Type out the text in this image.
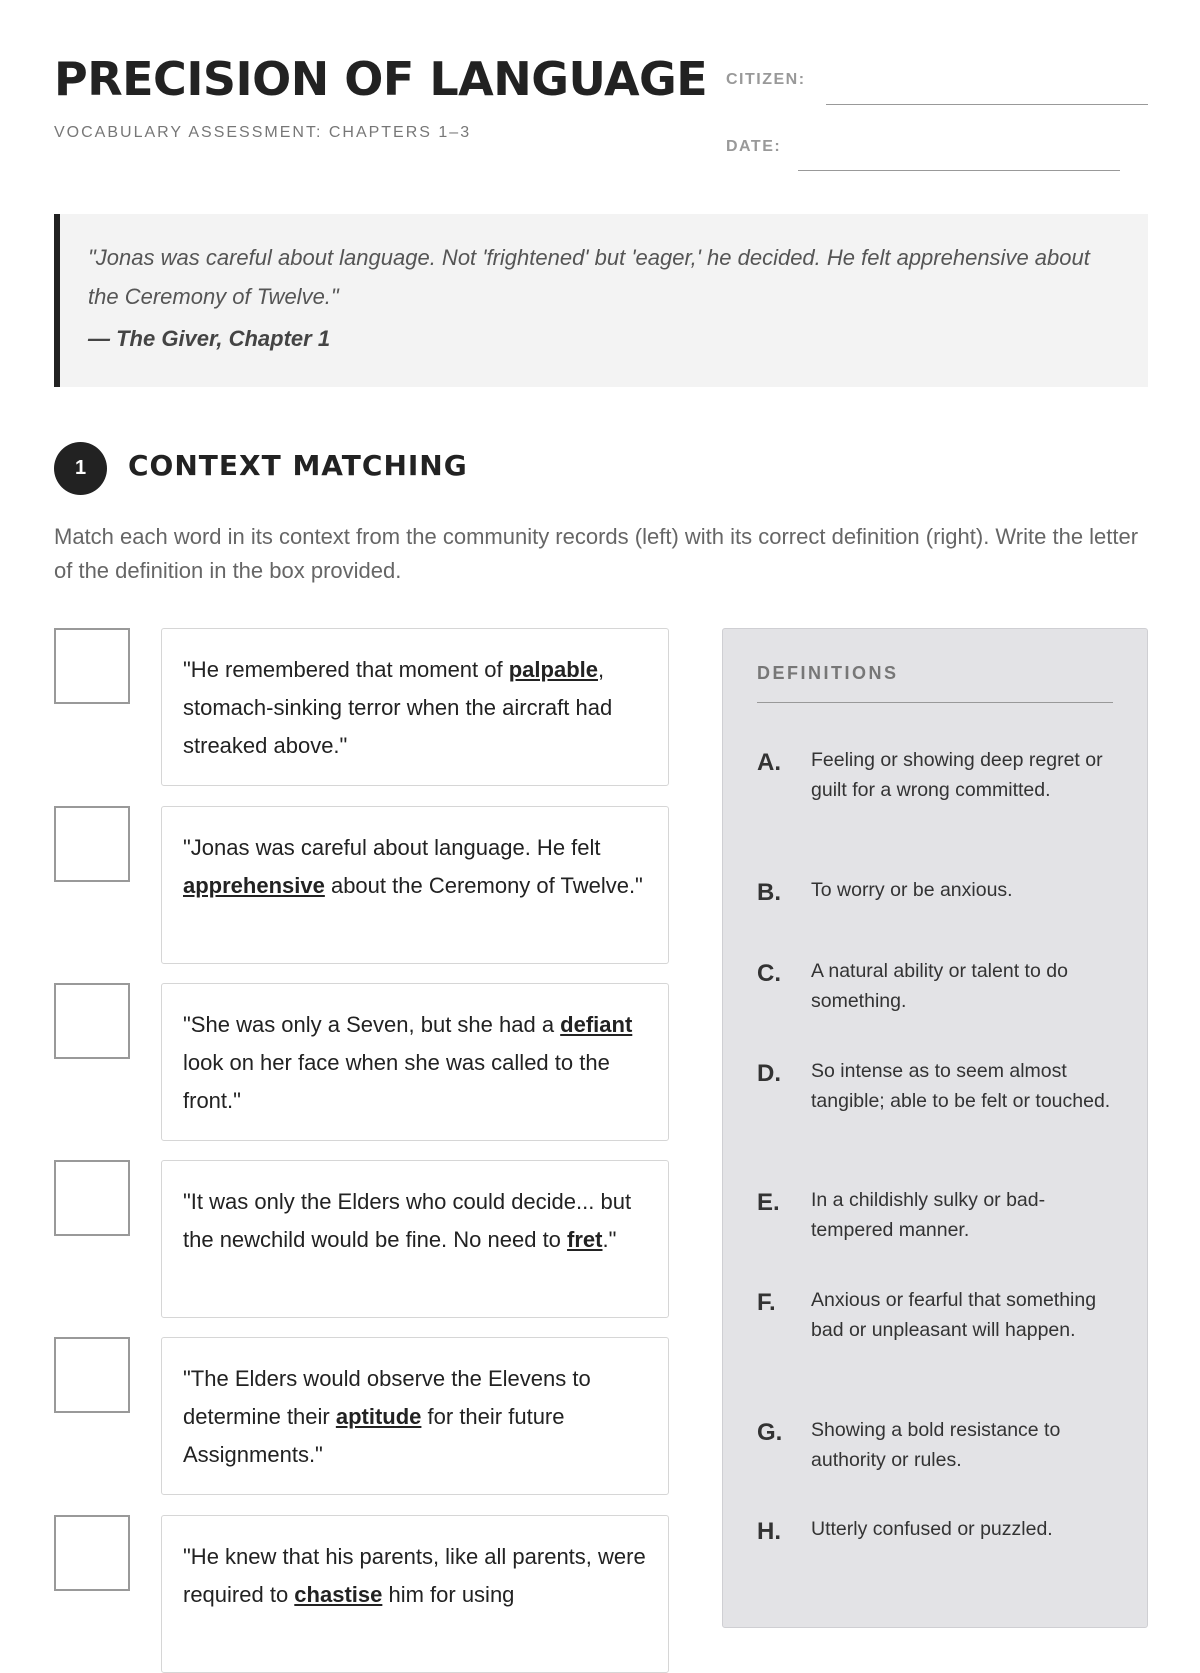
PRECISION OF LANGUAGE
VOCABULARY ASSESSMENT: CHAPTERS 1–3
CITIZEN:
DATE:

"Jonas was careful about language. Not 'frightened' but 'eager,' he decided. He felt apprehensive about the Ceremony of Twelve."

— The Giver, Chapter 1

1	CONTEXT MATCHING

Match each word in its context from the community records (left) with its correct definition (right). Write the letter of the definition in the box provided.

"He remembered that moment of palpable, stomach-sinking terror when the aircraft had streaked above."
"Jonas was careful about language. He felt apprehensive about the Ceremony of Twelve."
"She was only a Seven, but she had a defiant look on her face when she was called to the front."
"It was only the Elders who could decide... but the newchild would be fine. No need to fret."
"The Elders would observe the Elevens to determine their aptitude for their future Assignments."
"He knew that his parents, like all parents, were required to chastise him for using
DEFINITIONS
A. Feeling or showing deep regret or guilt for a wrong committed.
B. To worry or be anxious.
C. A natural ability or talent to do something.
D. So intense as to seem almost tangible; able to be felt or touched.
E. In a childishly sulky or bad-tempered manner.
F. Anxious or fearful that something bad or unpleasant will happen.
G. Showing a bold resistance to authority or rules.
H. Utterly confused or puzzled.
